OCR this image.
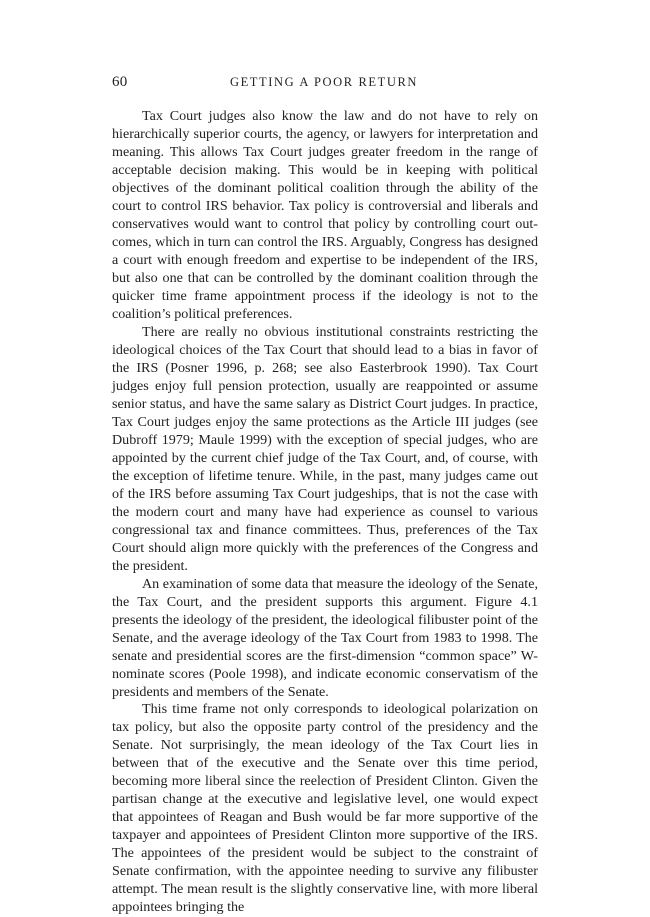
60	GETTING A POOR RETURN

Tax Court judges also know the law and do not have to rely on hierarchically superior courts, the agency, or lawyers for interpretation and meaning. This allows Tax Court judges greater freedom in the range of acceptable decision making. This would be in keeping with political objectives of the dominant political coalition through the ability of the court to control IRS behavior. Tax policy is controversial and liberals and conservatives would want to control that policy by controlling court outcomes, which in turn can control the IRS. Arguably, Congress has designed a court with enough freedom and expertise to be independent of the IRS, but also one that can be controlled by the dominant coalition through the quicker time frame appointment process if the ideology is not to the coalition’s political preferences.

There are really no obvious institutional constraints restricting the ideological choices of the Tax Court that should lead to a bias in favor of the IRS (Posner 1996, p. 268; see also Easterbrook 1990). Tax Court judges enjoy full pension protection, usually are reappointed or assume senior status, and have the same salary as District Court judges. In practice, Tax Court judges enjoy the same protections as the Article III judges (see Dubroff 1979; Maule 1999) with the exception of special judges, who are appointed by the current chief judge of the Tax Court, and, of course, with the exception of lifetime tenure. While, in the past, many judges came out of the IRS before assuming Tax Court judgeships, that is not the case with the modern court and many have had experience as counsel to various congressional tax and finance committees. Thus, preferences of the Tax Court should align more quickly with the preferences of the Congress and the president.

An examination of some data that measure the ideology of the Senate, the Tax Court, and the president supports this argument. Figure 4.1 presents the ideology of the president, the ideological filibuster point of the Senate, and the average ideology of the Tax Court from 1983 to 1998. The senate and presidential scores are the first-dimension “common space” W-nominate scores (Poole 1998), and indicate economic conservatism of the presidents and members of the Senate.

This time frame not only corresponds to ideological polarization on tax policy, but also the opposite party control of the presidency and the Senate. Not surprisingly, the mean ideology of the Tax Court lies in between that of the executive and the Senate over this time period, becoming more liberal since the reelection of President Clinton. Given the partisan change at the executive and legislative level, one would expect that appointees of Reagan and Bush would be far more supportive of the taxpayer and appointees of President Clinton more supportive of the IRS. The appointees of the president would be subject to the constraint of Senate confirmation, with the appointee needing to survive any filibuster attempt. The mean result is the slightly conservative line, with more liberal appointees bringing the
